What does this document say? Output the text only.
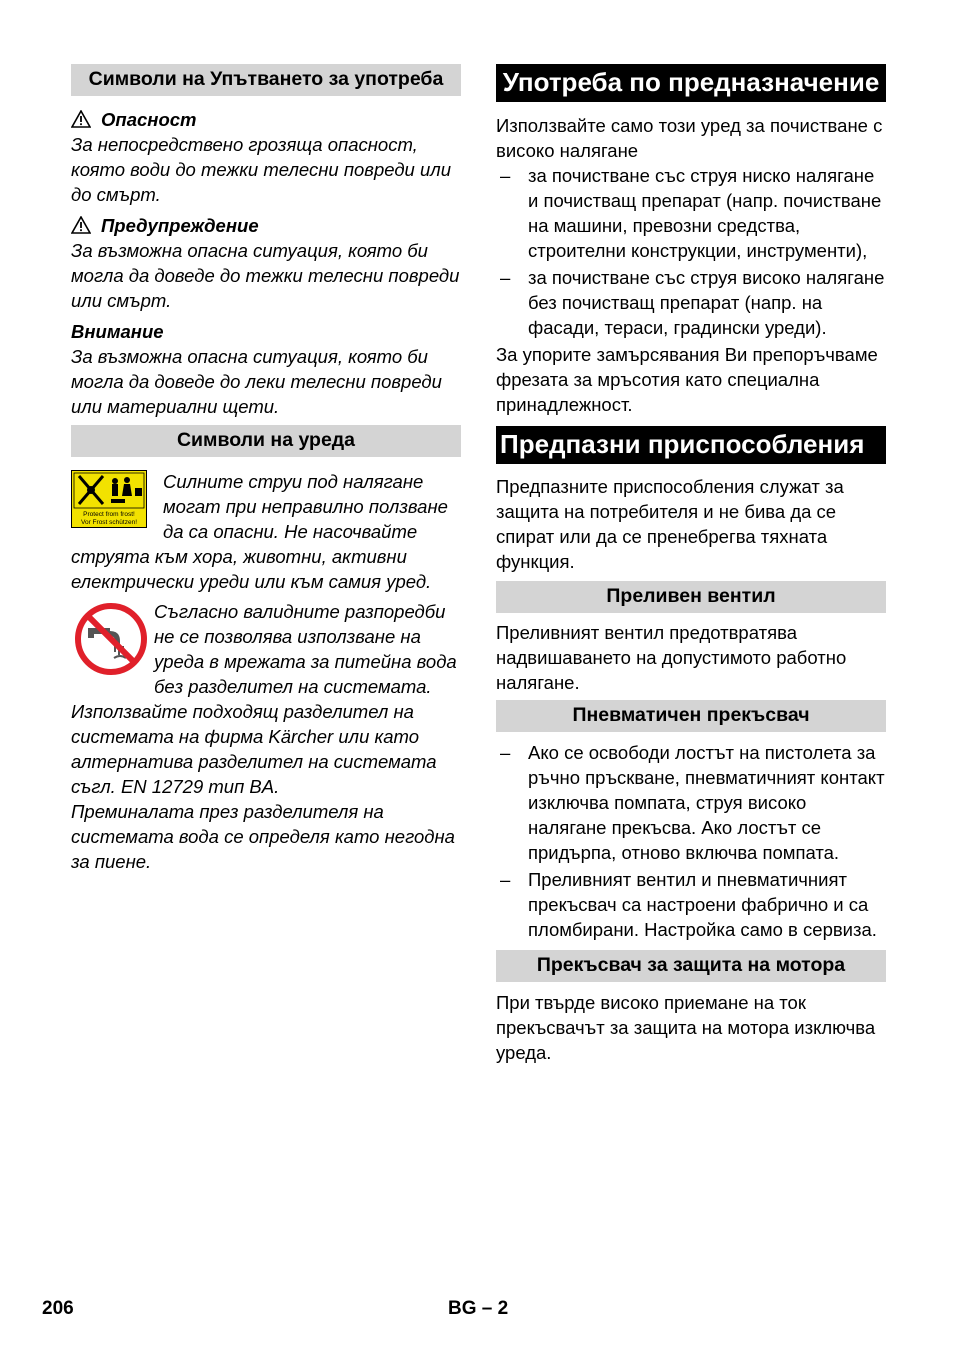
Символи на Упътването за употреба
Опасност

За непосредствено грозяща опасност, която води до тежки телесни повреди или до смърт.

Предупреждение

За възможна опасна ситуация, която би могла да доведе до тежки телесни повреди или смърт.

Внимание

За възможна опасна ситуация, която би могла да доведе до леки телесни повреди или материални щети.

Символи на уреда
Protect from frost!
Vor Frost schützen!

Силните струи под налягане могат при неправилно ползване да са опасни. Не насочвайте струята към хора, животни, активни електрически уреди или към самия уред.

Съгласно валидните разпоредби не се позволява използване на уреда в мрежата за питейна вода без разделител на системата. Използвайте подходящ разделител на системата на фирма Kärcher или като алтернатива разделител на системата съгл. EN 12729 тип BA.

Преминалата през разделителя на системата вода се определя като негодна за пиене.

Употреба по предназначение

Използвайте само този уред за почистване с високо налягане

– за почистване със струя ниско налягане и почистващ препарат (напр. почистване на машини, превозни средства, строителни конструкции, инструменти),
– за почистване със струя високо налягане без почистващ препарат (напр. на фасади, тераси, градински уреди).

За упорите замърсявания Ви препоръчваме фрезата за мръсотия като специална принадлежност.

Предпазни приспособления

Предпазните приспособления служат за защита на потребителя и не бива да се спират или да се пренебрегва тяхната функция.

Преливен вентил

Преливният вентил предотвратява надвишаването на допустимото работно налягане.

Пневматичен прекъсвач
– Ако се освободи лостът на пистолета за ръчно пръскване, пневматичният контакт изключва помпата, струя високо налягане прекъсва. Ако лостът се придърпа, отново включва помпата.
– Преливният вентил и пневматичният прекъсвач са настроени фабрично и са пломбирани. Настройка само в сервиза.
Прекъсвач за защита на мотора

При твърде високо приемане на ток прекъсвачът за защита на мотора изключва уреда.

206	BG – 2
